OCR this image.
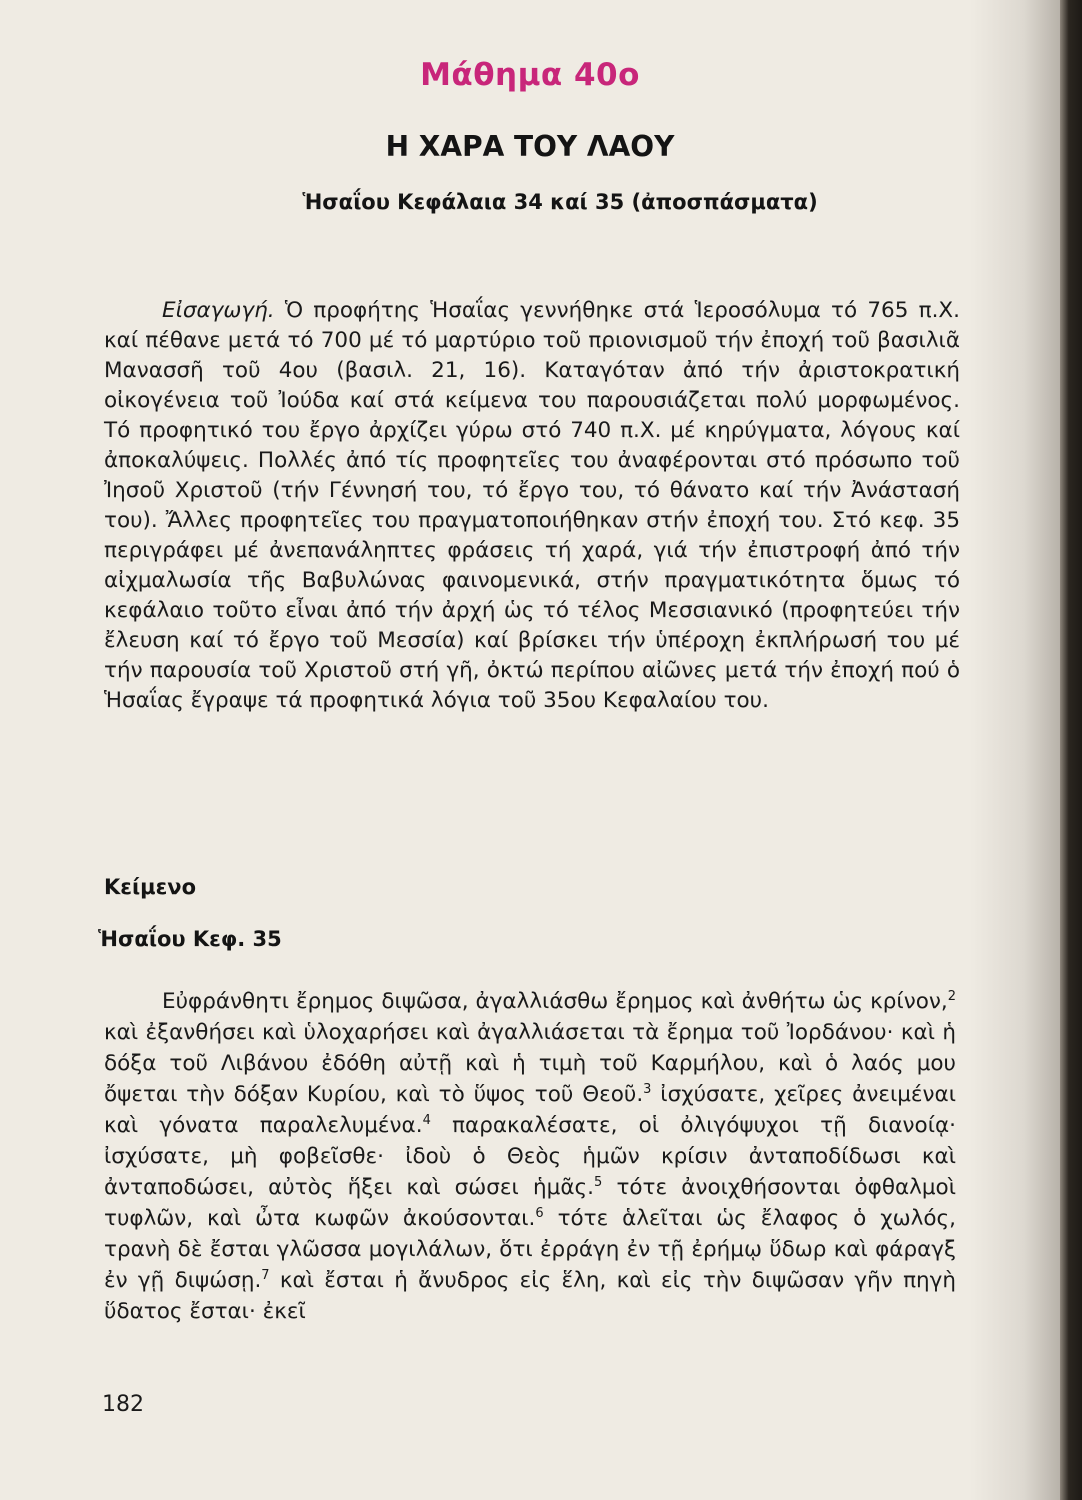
Μάθημα 40ο
Η ΧΑΡΑ ΤΟΥ ΛΑΟΥ
Ἡσαΐου Κεφάλαια 34 καί 35 (ἀποσπάσματα)

Εἰσαγωγή. Ὁ προφήτης Ἡσαΐας γεννήθηκε στά Ἱεροσόλυμα τό 765 π.Χ. καί πέθανε μετά τό 700 μέ τό μαρτύριο τοῦ πριονισμοῦ τήν ἐποχή τοῦ βασιλιᾶ Μανασσῆ τοῦ 4ου (βασιλ. 21, 16). Καταγόταν ἀπό τήν ἀριστοκρατική οἰκογένεια τοῦ Ἰούδα καί στά κείμενα του παρουσιάζεται πολύ μορφωμένος. Τό προφητικό του ἔργο ἀρχίζει γύρω στό 740 π.Χ. μέ κηρύγματα, λόγους καί ἀποκαλύψεις. Πολλές ἀπό τίς προφητεῖες του ἀναφέρονται στό πρόσωπο τοῦ Ἰησοῦ Χριστοῦ (τήν Γέννησή του, τό ἔργο του, τό θάνατο καί τήν Ἀνάστασή του). Ἄλλες προφητεῖες του πραγματοποιήθηκαν στήν ἐποχή του. Στό κεφ. 35 περιγράφει μέ ἀνεπανάληπτες φράσεις τή χαρά, γιά τήν ἐπιστροφή ἀπό τήν αἰχμαλωσία τῆς Βαβυλώνας φαινομενικά, στήν πραγματικότητα ὅμως τό κεφάλαιο τοῦτο εἶναι ἀπό τήν ἀρχή ὡς τό τέλος Μεσσιανικό (προφητεύει τήν ἔλευση καί τό ἔργο τοῦ Μεσσία) καί βρίσκει τήν ὑπέροχη ἐκπλήρωσή του μέ τήν παρουσία τοῦ Χριστοῦ στή γῆ, ὀκτώ περίπου αἰῶνες μετά τήν ἐποχή πού ὁ Ἡσαΐας ἔγραψε τά προφητικά λόγια τοῦ 35ου Κεφαλαίου του.

Κείμενο
Ἡσαΐου Κεφ. 35

Εὐφράνθητι ἔρημος διψῶσα, ἀγαλλιάσθω ἔρημος καὶ ἀνθήτω ὡς κρίνον,$^2$ καὶ ἐξανθήσει καὶ ὑλοχαρήσει καὶ ἀγαλλιάσεται τὰ ἔρημα τοῦ Ἰορδάνου· καὶ ἡ δόξα τοῦ Λιβάνου ἐδόθη αὐτῇ καὶ ἡ τιμὴ τοῦ Καρμήλου, καὶ ὁ λαός μου ὄψεται τὴν δόξαν Κυρίου, καὶ τὸ ὕψος τοῦ Θεοῦ.$^3$ ἰσχύσατε, χεῖρες ἀνειμέναι καὶ γόνατα παραλελυμένα.$^4$ παρακαλέσατε, οἱ ὀλιγόψυχοι τῇ διανοίᾳ· ἰσχύσατε, μὴ φοβεῖσθε· ἰδοὺ ὁ Θεὸς ἡμῶν κρίσιν ἀνταποδίδωσι καὶ ἀνταποδώσει, αὐτὸς ἥξει καὶ σώσει ἡμᾶς.$^5$ τότε ἀνοιχθήσονται ὀφθαλμοὶ τυφλῶν, καὶ ὦτα κωφῶν ἀκούσονται.$^6$ τότε ἁλεῖται ὡς ἔλαφος ὁ χωλός, τρανὴ δὲ ἔσται γλῶσσα μογιλάλων, ὅτι ἐρράγη ἐν τῇ ἐρήμῳ ὕδωρ καὶ φάραγξ ἐν γῇ διψώσῃ.$^7$ καὶ ἔσται ἡ ἄνυδρος εἰς ἕλη, καὶ εἰς τὴν διψῶσαν γῆν πηγὴ ὕδατος ἔσται· ἐκεῖ

182
